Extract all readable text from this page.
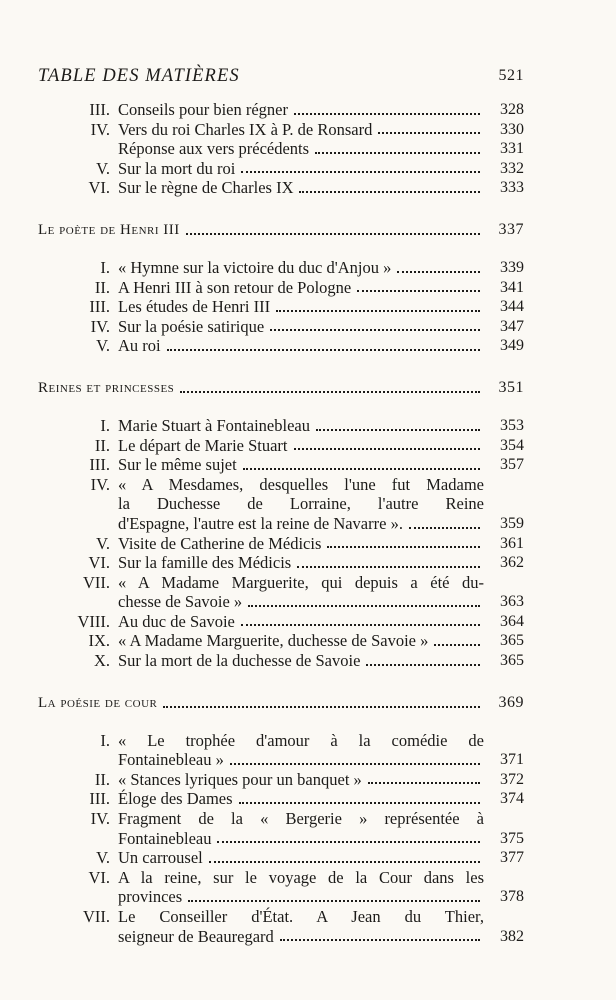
TABLE DES MATIÈRES	521
III. Conseils pour bien régner	328
IV. Vers du roi Charles IX à P. de Ronsard	330
Réponse aux vers précédents	331
V. Sur la mort du roi	332
VI. Sur le règne de Charles IX	333
Le poète de Henri III	337
I. « Hymne sur la victoire du duc d'Anjou »	339
II. A Henri III à son retour de Pologne	341
III. Les études de Henri III	344
IV. Sur la poésie satirique	347
V. Au roi	349
Reines et princesses	351
I. Marie Stuart à Fontainebleau	353
II. Le départ de Marie Stuart	354
III. Sur le même sujet	357
IV. « A Mesdames, desquelles l'une fut Madame
la Duchesse de Lorraine, l'autre Reine
d'Espagne, l'autre est la reine de Navarre ».	359
V. Visite de Catherine de Médicis	361
VI. Sur la famille des Médicis	362
VII. « A Madame Marguerite, qui depuis a été du-
chesse de Savoie »	363
VIII. Au duc de Savoie	364
IX. « A Madame Marguerite, duchesse de Savoie »	365
X. Sur la mort de la duchesse de Savoie	365
La poésie de cour	369
I. « Le trophée d'amour à la comédie de
Fontainebleau »	371
II. « Stances lyriques pour un banquet »	372
III. Éloge des Dames	374
IV. Fragment de la « Bergerie » représentée à
Fontainebleau	375
V. Un carrousel	377
VI. A la reine, sur le voyage de la Cour dans les
provinces	378
VII. Le Conseiller d'État. A Jean du Thier,
seigneur de Beauregard	382
